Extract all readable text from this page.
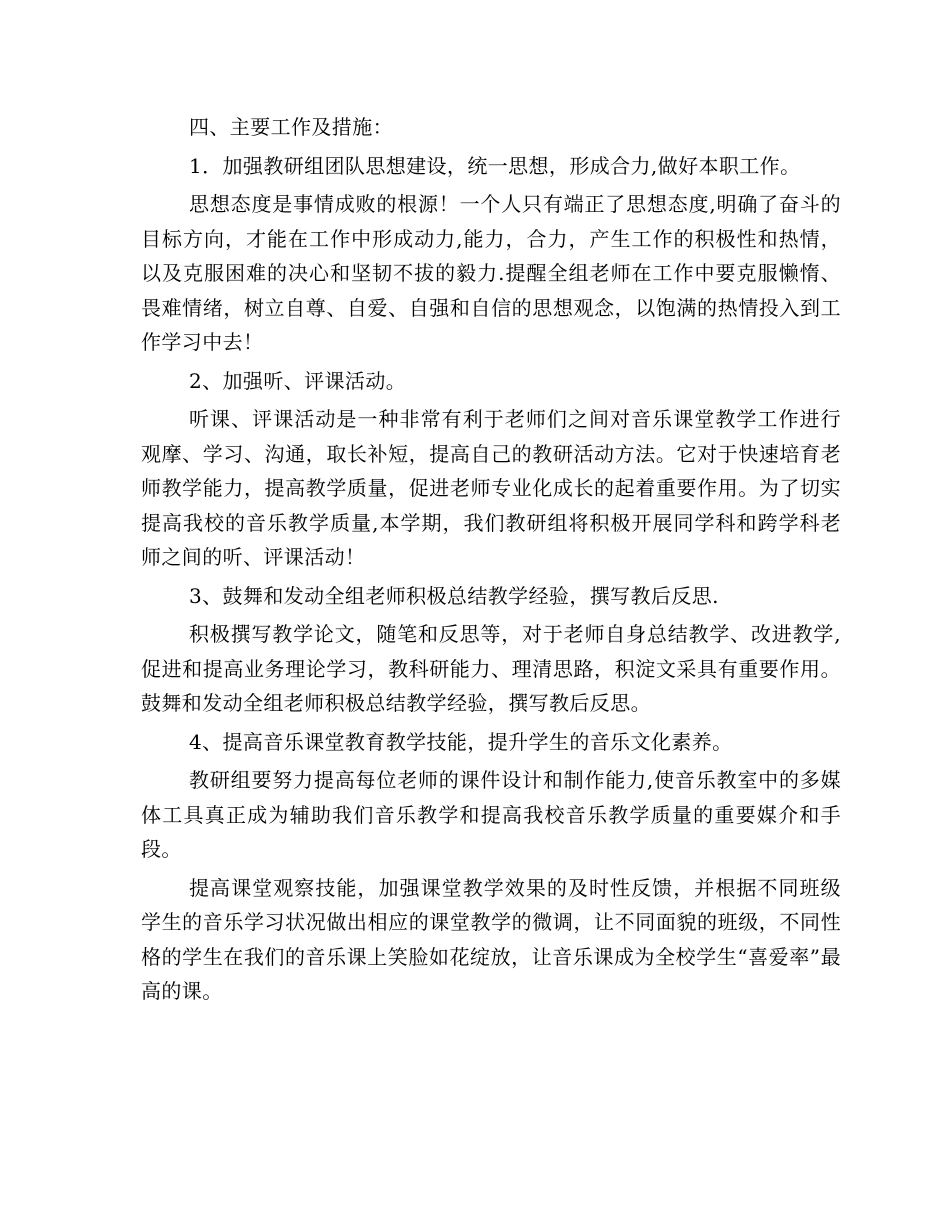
四、主要工作及措施：

1．加强教研组团队思想建设，统一思想，形成合力,做好本职工作。

思想态度是事情成败的根源！一个人只有端正了思想态度,明确了奋斗的目标方向，才能在工作中形成动力,能力，合力，产生工作的积极性和热情，以及克服困难的决心和坚韧不拔的毅力.提醒全组老师在工作中要克服懒惰、畏难情绪，树立自尊、自爱、自强和自信的思想观念，以饱满的热情投入到工作学习中去！

2、加强听、评课活动。

听课、评课活动是一种非常有利于老师们之间对音乐课堂教学工作进行观摩、学习、沟通，取长补短，提高自己的教研活动方法。它对于快速培育老师教学能力，提高教学质量，促进老师专业化成长的起着重要作用。为了切实提高我校的音乐教学质量,本学期，我们教研组将积极开展同学科和跨学科老师之间的听、评课活动！

3、鼓舞和发动全组老师积极总结教学经验，撰写教后反思.

积极撰写教学论文，随笔和反思等，对于老师自身总结教学、改进教学,促进和提高业务理论学习，教科研能力、理清思路，积淀文采具有重要作用。鼓舞和发动全组老师积极总结教学经验，撰写教后反思。

4、提高音乐课堂教育教学技能，提升学生的音乐文化素养。

教研组要努力提高每位老师的课件设计和制作能力,使音乐教室中的多媒体工具真正成为辅助我们音乐教学和提高我校音乐教学质量的重要媒介和手段。

提高课堂观察技能，加强课堂教学效果的及时性反馈，并根据不同班级学生的音乐学习状况做出相应的课堂教学的微调，让不同面貌的班级，不同性格的学生在我们的音乐课上笑脸如花绽放，让音乐课成为全校学生“喜爱率”最高的课。
